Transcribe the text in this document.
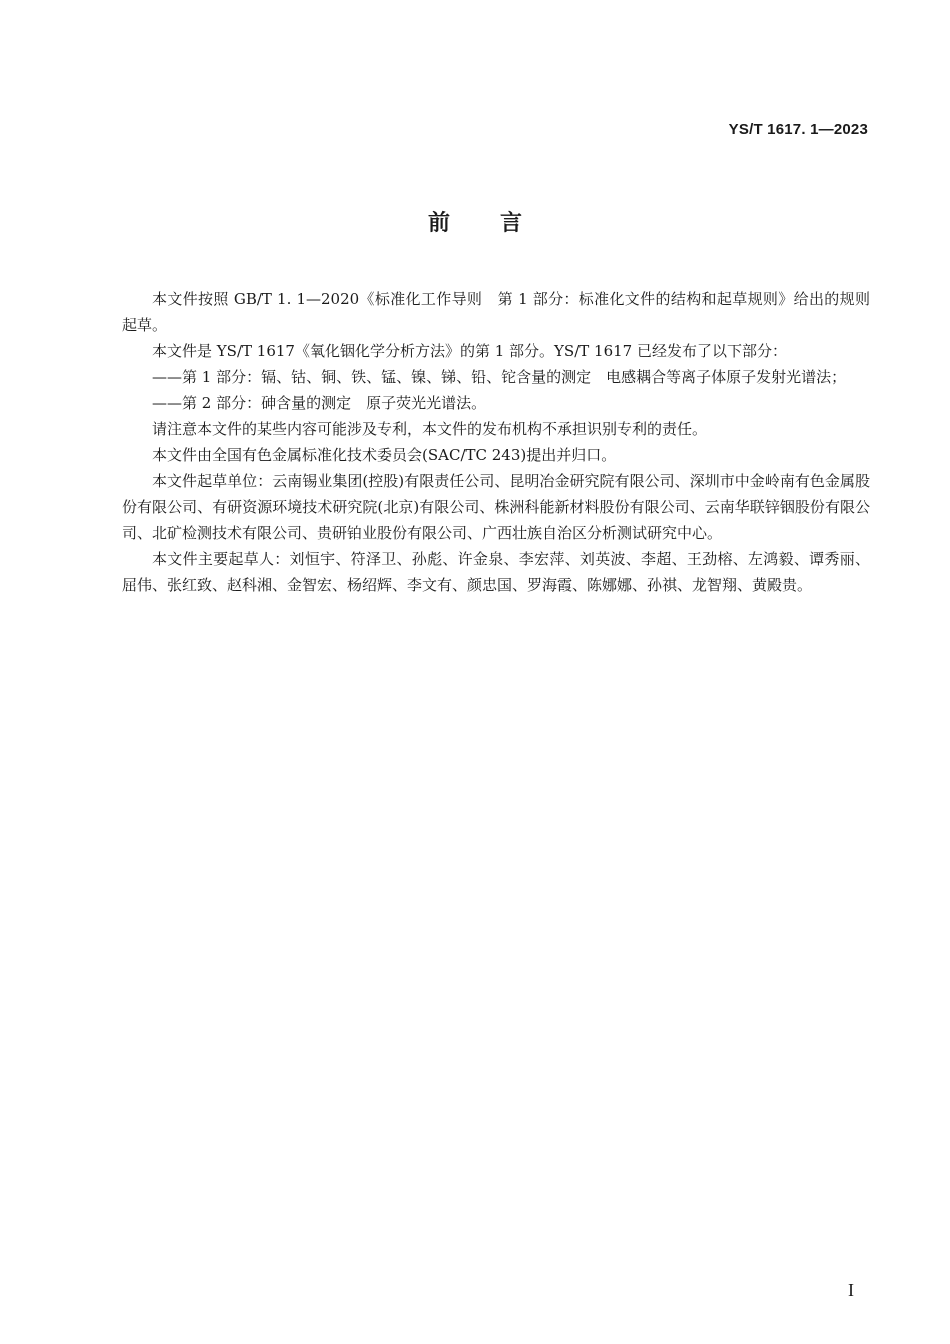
YS/T 1617. 1—2023
前言

本文件按照 GB/T 1. 1—2020《标准化工作导则　第 1 部分：标准化文件的结构和起草规则》给出的规则起草。

本文件是 YS/T 1617《氧化铟化学分析方法》的第 1 部分。YS/T 1617 已经发布了以下部分：

——第 1 部分：镉、钴、铜、铁、锰、镍、锑、铅、铊含量的测定　电感耦合等离子体原子发射光谱法；

——第 2 部分：砷含量的测定　原子荧光光谱法。

请注意本文件的某些内容可能涉及专利，本文件的发布机构不承担识别专利的责任。

本文件由全国有色金属标准化技术委员会(SAC/TC 243)提出并归口。

本文件起草单位：云南锡业集团(控股)有限责任公司、昆明冶金研究院有限公司、深圳市中金岭南有色金属股份有限公司、有研资源环境技术研究院(北京)有限公司、株洲科能新材料股份有限公司、云南华联锌铟股份有限公司、北矿检测技术有限公司、贵研铂业股份有限公司、广西壮族自治区分析测试研究中心。

本文件主要起草人：刘恒宇、符泽卫、孙彪、许金泉、李宏萍、刘英波、李超、王劲榕、左鸿毅、谭秀丽、屈伟、张红致、赵科湘、金智宏、杨绍辉、李文有、颜忠国、罗海霞、陈娜娜、孙祺、龙智翔、黄殿贵。

I
